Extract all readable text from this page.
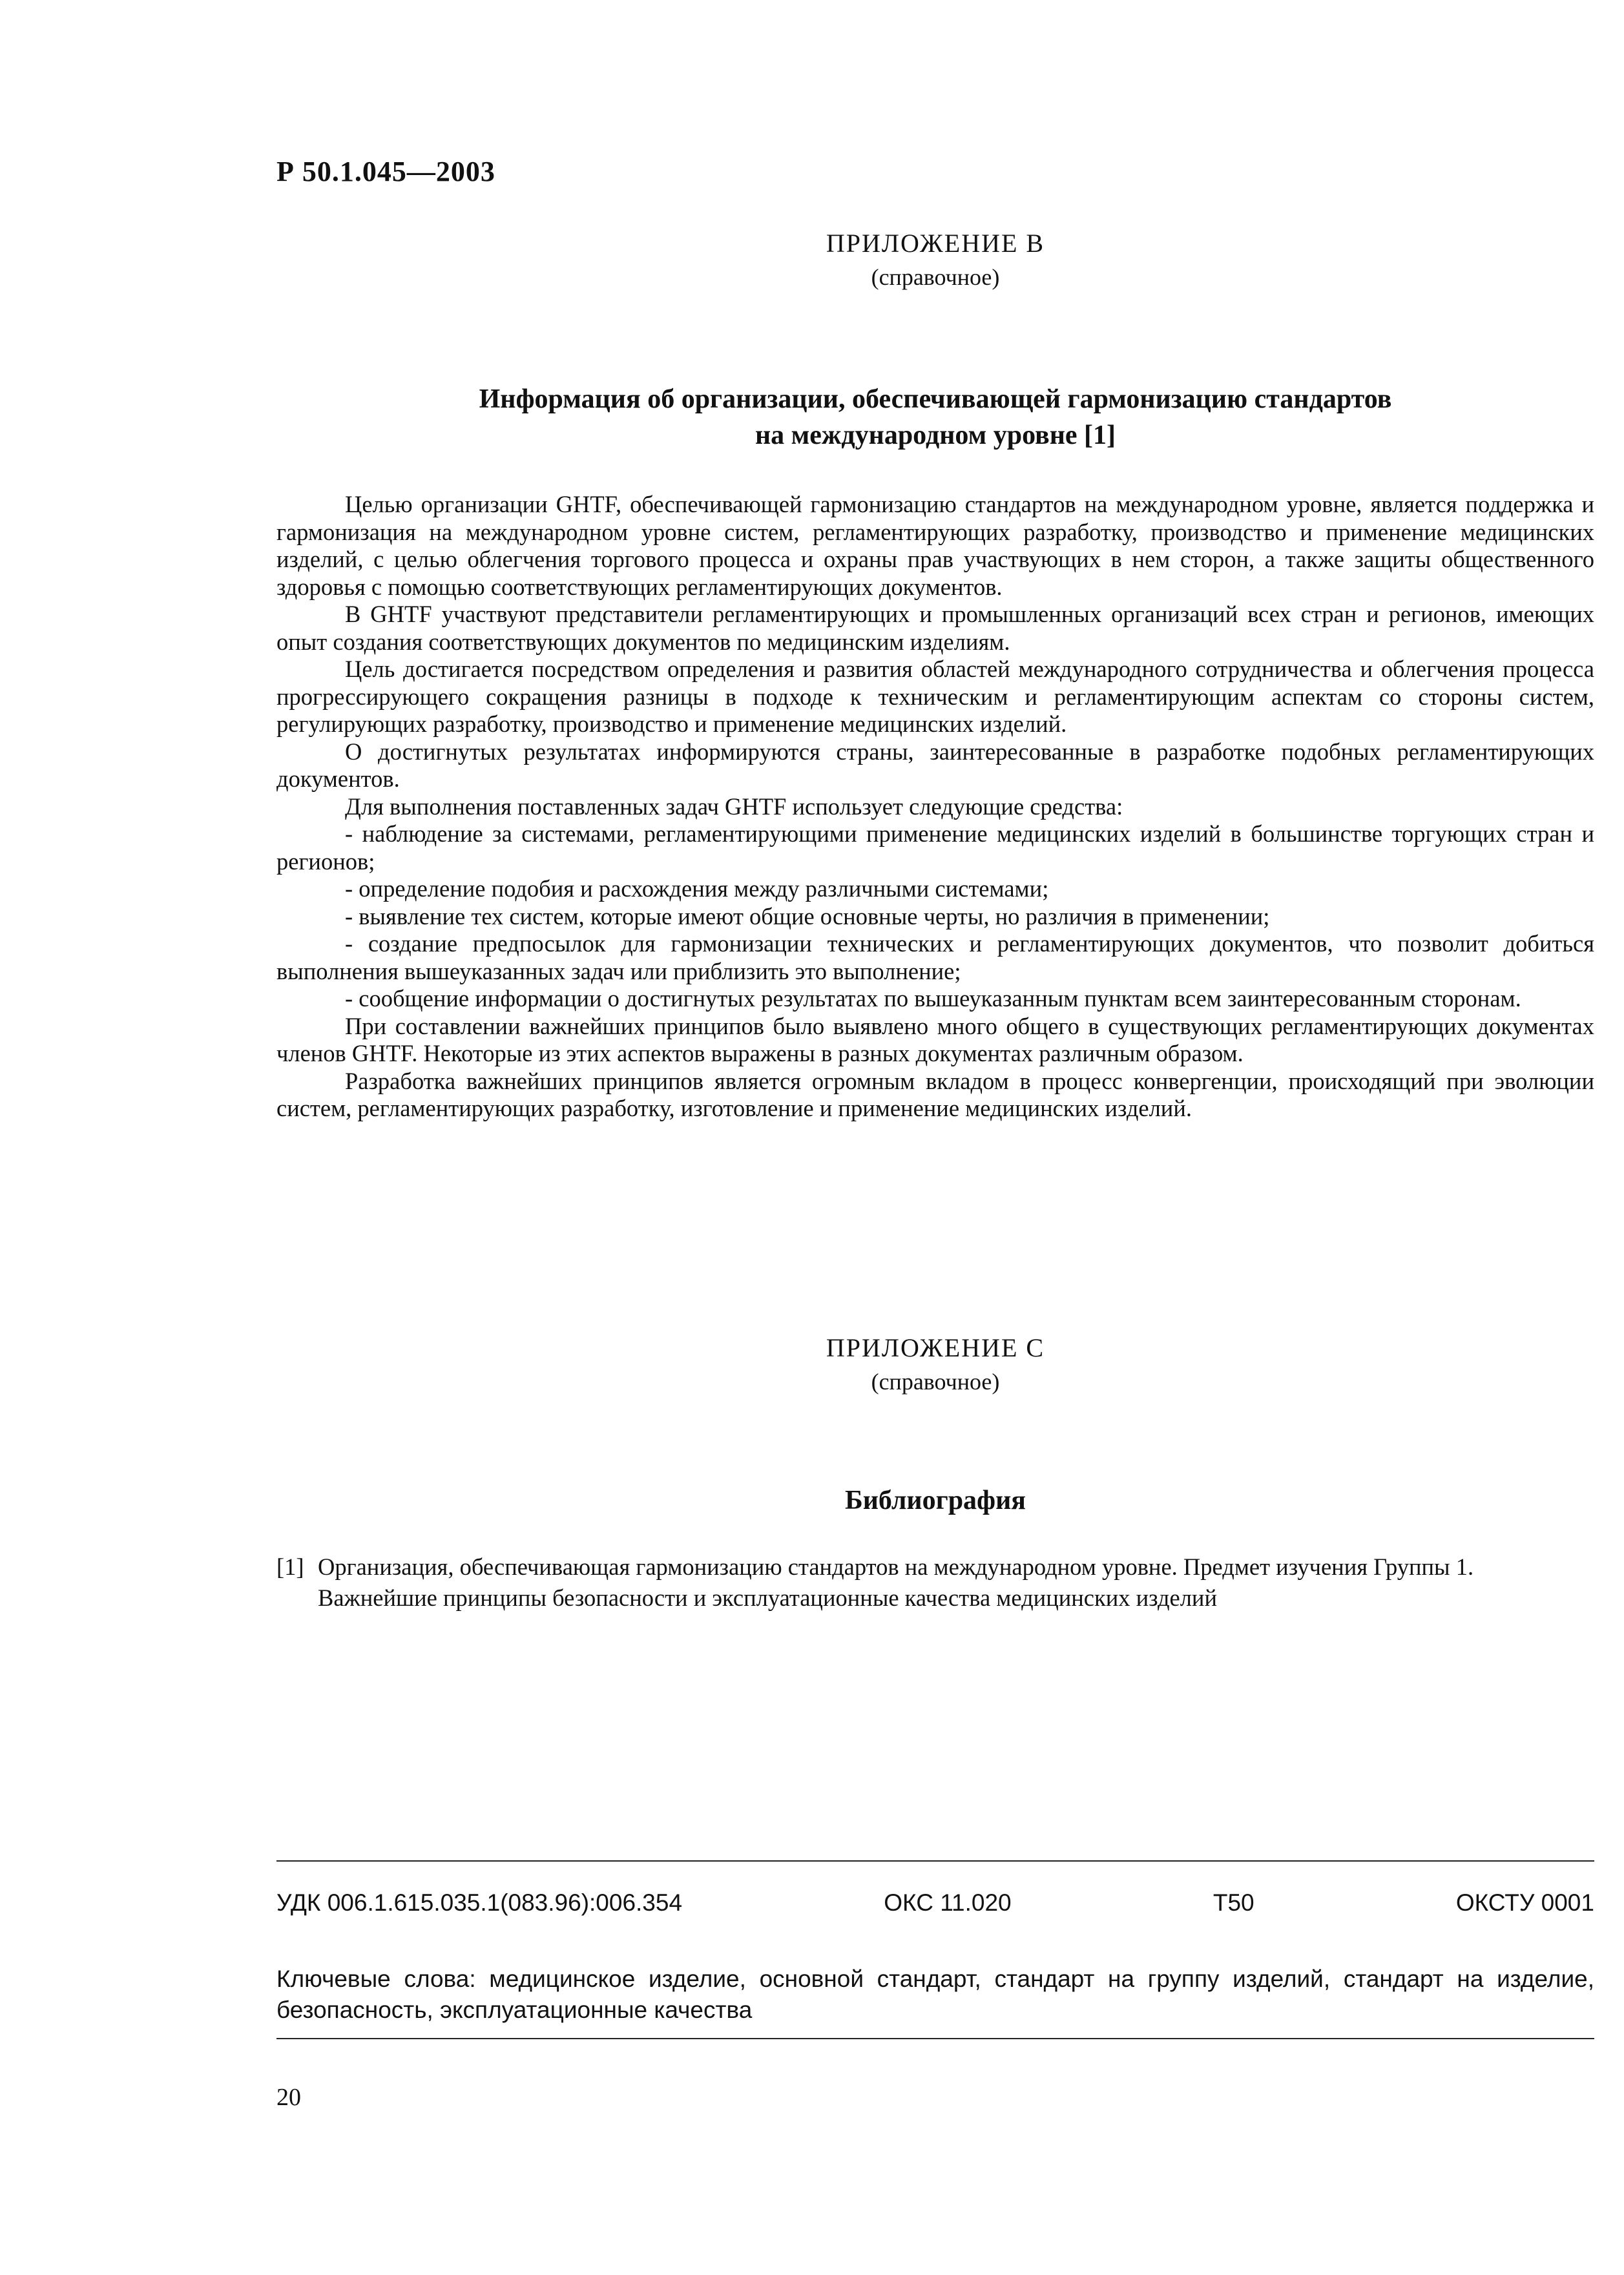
Р 50.1.045—2003
ПРИЛОЖЕНИЕ В
(справочное)
Информация об организации, обеспечивающей гармонизацию стандартов
на международном уровне [1]

Целью организации GHTF, обеспечивающей гармонизацию стандартов на международном уровне, является поддержка и гармонизация на международном уровне систем, регламентирующих разработку, производство и применение медицинских изделий, с целью облегчения торгового процесса и охраны прав участвующих в нем сторон, а также защиты общественного здоровья с помощью соответствующих регламентирующих документов.

В GHTF участвуют представители регламентирующих и промышленных организаций всех стран и регионов, имеющих опыт создания соответствующих документов по медицинским изделиям.

Цель достигается посредством определения и развития областей международного сотрудничества и облегчения процесса прогрессирующего сокращения разницы в подходе к техническим и регламентирующим аспектам со стороны систем, регулирующих разработку, производство и применение медицинских изделий.

О достигнутых результатах информируются страны, заинтересованные в разработке подобных регламентирующих документов.

Для выполнения поставленных задач GHTF использует следующие средства:

- наблюдение за системами, регламентирующими применение медицинских изделий в большинстве торгующих стран и регионов;

- определение подобия и расхождения между различными системами;

- выявление тех систем, которые имеют общие основные черты, но различия в применении;

- создание предпосылок для гармонизации технических и регламентирующих документов, что позволит добиться выполнения вышеуказанных задач или приблизить это выполнение;

- сообщение информации о достигнутых результатах по вышеуказанным пунктам всем заинтересованным сторонам.

При составлении важнейших принципов было выявлено много общего в существующих регламентирующих документах членов GHTF. Некоторые из этих аспектов выражены в разных документах различным образом.

Разработка важнейших принципов является огромным вкладом в процесс конвергенции, происходящий при эволюции систем, регламентирующих разработку, изготовление и применение медицинских изделий.

ПРИЛОЖЕНИЕ С
(справочное)
Библиография
[1] Организация, обеспечивающая гармонизацию стандартов на международном уровне. Предмет изучения Группы 1. Важнейшие принципы безопасности и эксплуатационные качества медицинских изделий
УДК 006.1.615.035.1(083.96):006.354	ОКС 11.020	Т50	ОКСТУ 0001
Ключевые слова: медицинское изделие, основной стандарт, стандарт на группу изделий, стандарт на изделие, безопасность, эксплуатационные качества
20
